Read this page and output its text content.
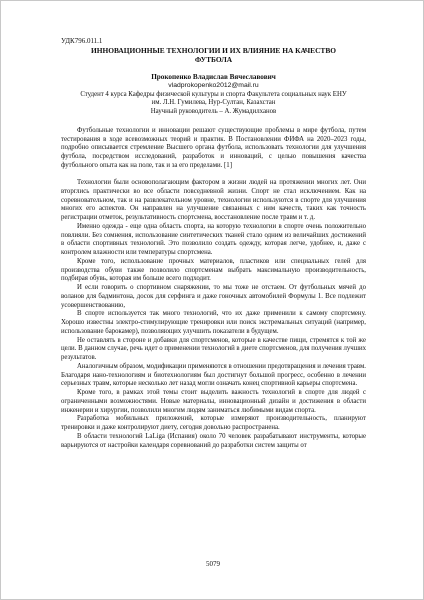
УДК796.011.1
ИННОВАЦИОННЫЕ ТЕХНОЛОГИИ И ИХ ВЛИЯНИЕ НА КАЧЕСТВО
ФУТБОЛА
Прокопенко Владислав Вячеславович
vladprokopenko2012@mail.ru
Студент 4 курса Кафедры физической культуры и спорта Факультета социальных наук ЕНУ
им. Л.Н. Гумилева, Нур-Султан, Казахстан
Научный руководитель – А. Жумадилханов

Футбольные технологии и инновации решают существующие проблемы в мире футбола, путем тестирования в ходе всевозможных теорий и практик. В Постановлении ФИФА на 2020–2023 годы, подробно описывается стремление Высшего органа футбола, использовать технологии для улучшения футбола, посредством исследований, разработок и инноваций, с целью повышения качества футбольного опыта как на поле, так и за его пределами. [1]

Технологии были основополагающим фактором в жизни людей на протяжении многих лет. Они вторглись практически во все области повседневной жизни. Спорт не стал исключением. Как на соревновательном, так и на развлекательном уровне, технологии используются в спорте для улучшения многих его аспектов. Он направлен на улучшение связанных с ним качеств, таких как точность регистрации отметок, результативность спортсмена, восстановление после травм и т. д.

Именно одежда - еще одна область спорта, на которую технологии в спорте очень положительно повлияли. Без сомнения, использование синтетических тканей стало одним из величайших достижений в области спортивных технологий. Это позволило создать одежду, которая легче, удобнее, и, даже с контролем влажности или температуры спортсмена.

Кроме того, использование прочных материалов, пластиков или специальных гелей для производства обуви также позволило спортсменам выбрать максимальную производительность, подбирая обувь, которая им больше всего подходит.

И если говорить о спортивном снаряжении, то мы тоже не отстаем. От футбольных мячей до воланов для бадминтона, досок для серфинга и даже гоночных автомобилей Формулы 1. Все подлежит усовершенствованию,

В спорте используется так много технологий, что их даже применили к самому спортсмену. Хорошо известны электро-стимулирующие тренировки или поиск экстремальных ситуаций (например, использование барокамер), позволяющих улучшить показатели в будущем.

Не оставлять в стороне и добавки для спортсменов, которые в качестве пищи, стремятся к той же цели. В данном случае, речь идет о применении технологий в диете спортсменов, для получения лучших результатов.

Аналогичным образом, модификации применяются в отношении предотвращения и лечения травм. Благодаря нано-технологиям и биотехнологиям был достигнут большой прогресс, особенно в лечении серьезных травм, которые несколько лет назад могли означать конец спортивной карьеры спортсмена.

Кроме того, в рамках этой темы стоит выделить важность технологий в спорте для людей с ограниченными возможностями. Новые материалы, инновационный дизайн и достижения в области инженерии и хирургии, позволили многим людям заниматься любимыми видам спорта.

Разработка мобильных приложений, которые измеряют производительность, планируют тренировки и даже контролируют диету, сегодня довольно распространена.

В области технологий LaLiga (Испания) около 70 человек разрабатывают инструменты, которые варьируются от настройки календаря соревнований до разработки систем защиты от

5079
